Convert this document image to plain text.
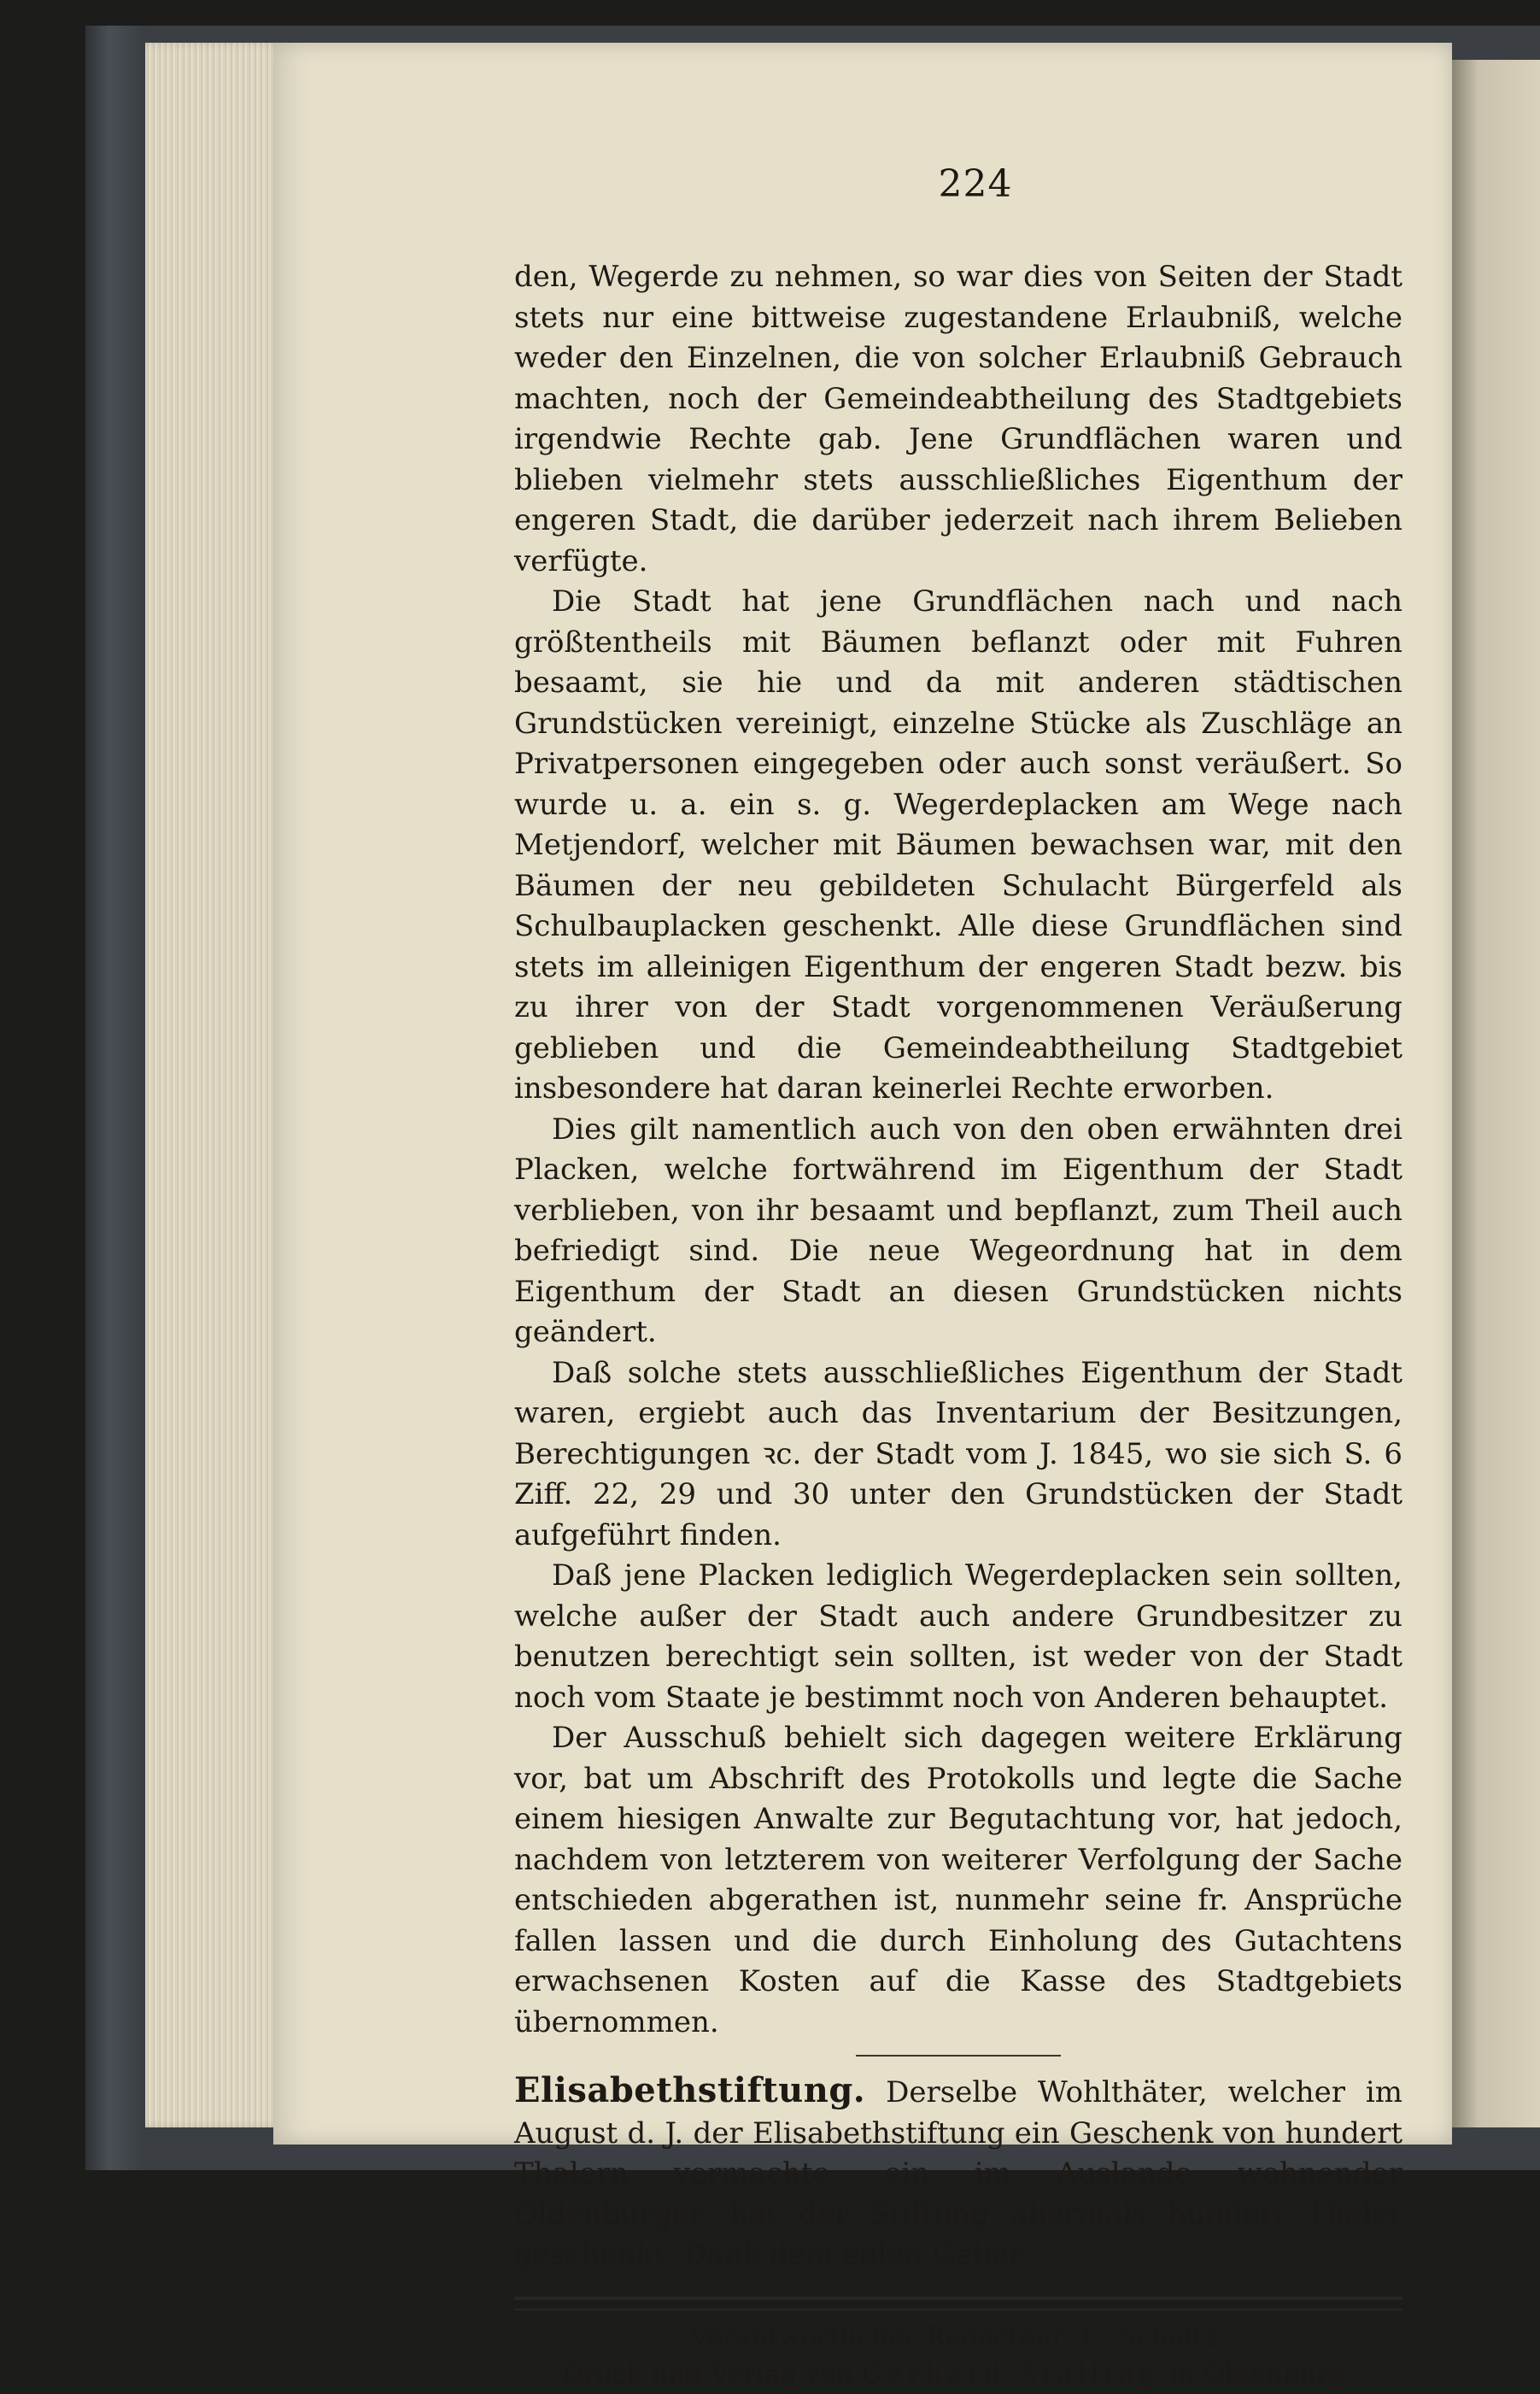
224

den, Wegerde zu nehmen, so war dies von Seiten der Stadt stets nur eine bittweise zugestandene Erlaubniß, welche weder den Einzelnen, die von solcher Erlaubniß Gebrauch machten, noch der Gemeindeabtheilung des Stadtgebiets irgendwie Rechte gab. Jene Grundflächen waren und blieben vielmehr stets ausschließliches Eigenthum der engeren Stadt, die darüber jederzeit nach ihrem Belieben verfügte.

Die Stadt hat jene Grundflächen nach und nach größtentheils mit Bäumen beflanzt oder mit Fuhren besaamt, sie hie und da mit anderen städtischen Grundstücken vereinigt, einzelne Stücke als Zuschläge an Privatpersonen eingegeben oder auch sonst veräußert. So wurde u. a. ein s. g. Wegerdeplacken am Wege nach Metjendorf, welcher mit Bäumen bewachsen war, mit den Bäumen der neu gebildeten Schulacht Bürgerfeld als Schulbauplacken geschenkt. Alle diese Grundflächen sind stets im alleinigen Eigenthum der engeren Stadt bezw. bis zu ihrer von der Stadt vorgenommenen Veräußerung geblieben und die Gemeindeabtheilung Stadtgebiet insbesondere hat daran keinerlei Rechte erworben.

Dies gilt namentlich auch von den oben erwähnten drei Placken, welche fortwährend im Eigenthum der Stadt verblieben, von ihr besaamt und bepflanzt, zum Theil auch befriedigt sind. Die neue Wegeordnung hat in dem Eigenthum der Stadt an diesen Grundstücken nichts geändert.

Daß solche stets ausschließliches Eigenthum der Stadt waren, ergiebt auch das Inventarium der Besitzungen, Berechtigungen ꝛc. der Stadt vom J. 1845, wo sie sich S. 6 Ziff. 22, 29 und 30 unter den Grundstücken der Stadt aufgeführt finden.

Daß jene Placken lediglich Wegerdeplacken sein sollten, welche außer der Stadt auch andere Grundbesitzer zu benutzen berechtigt sein sollten, ist weder von der Stadt noch vom Staate je bestimmt noch von Anderen behauptet.

Der Ausschuß behielt sich dagegen weitere Erklärung vor, bat um Abschrift des Protokolls und legte die Sache einem hiesigen Anwalte zur Begutachtung vor, hat jedoch, nachdem von letzterem von weiterer Verfolgung der Sache entschieden abgerathen ist, nunmehr seine fr. Ansprüche fallen lassen und die durch Einholung des Gutachtens erwachsenen Kosten auf die Kasse des Stadtgebiets übernommen.

Elisabethstiftung. Derselbe Wohlthäter, welcher im August d. J. der Elisabethstiftung ein Geschenk von hundert Thalern vermachte, ein im Auslande wohnender Oldenburger, hat der Stiftung abermals hundert Thaler geschenkt. Dank dem edlen Geber.

Verantwortlicher Redacteur: C. Scholtz.
Druck und Verlag von Gerhard Stalling in Oldenburg.
